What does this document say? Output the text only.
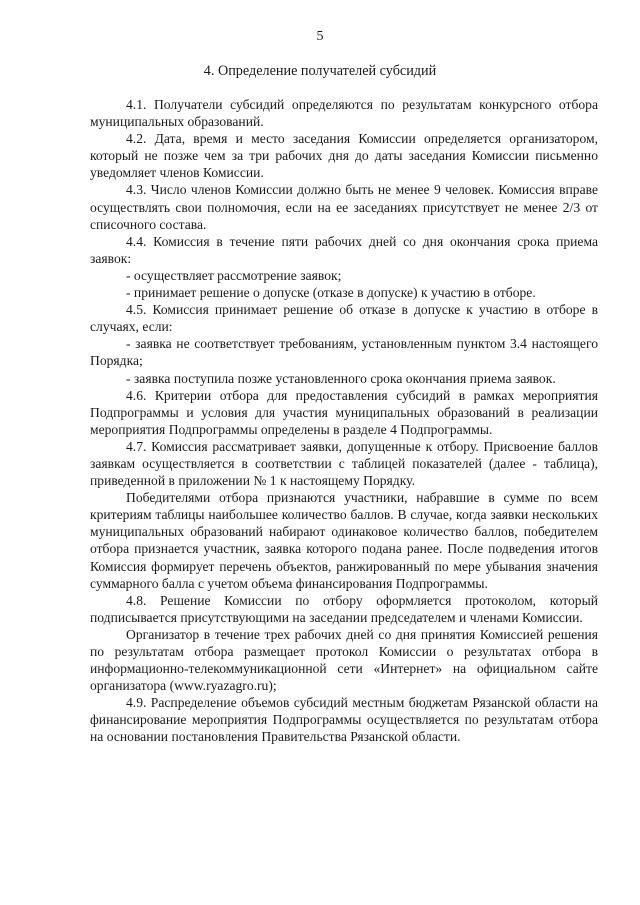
5
4. Определение получателей субсидий

4.1. Получатели субсидий определяются по результатам конкурсного отбора муниципальных образований.

4.2. Дата, время и место заседания Комиссии определяется организатором, который не позже чем за три рабочих дня до даты заседания Комиссии письменно уведомляет членов Комиссии.

4.3. Число членов Комиссии должно быть не менее 9 человек. Комиссия вправе осуществлять свои полномочия, если на ее заседаниях присутствует не менее 2/3 от списочного состава.

4.4. Комиссия в течение пяти рабочих дней со дня окончания срока приема заявок:

- осуществляет рассмотрение заявок;

- принимает решение о допуске (отказе в допуске) к участию в отборе.

4.5. Комиссия принимает решение об отказе в допуске к участию в отборе в случаях, если:

- заявка не соответствует требованиям, установленным пунктом 3.4 настоящего Порядка;

- заявка поступила позже установленного срока окончания приема заявок.

4.6. Критерии отбора для предоставления субсидий в рамках мероприятия Подпрограммы и условия для участия муниципальных образований в реализации мероприятия Подпрограммы определены в разделе 4 Подпрограммы.

4.7. Комиссия рассматривает заявки, допущенные к отбору. Присвоение баллов заявкам осуществляется в соответствии с таблицей показателей (далее - таблица), приведенной в приложении № 1 к настоящему Порядку.

Победителями отбора признаются участники, набравшие в сумме по всем критериям таблицы наибольшее количество баллов. В случае, когда заявки нескольких муниципальных образований набирают одинаковое количество баллов, победителем отбора признается участник, заявка которого подана ранее. После подведения итогов Комиссия формирует перечень объектов, ранжированный по мере убывания значения суммарного балла с учетом объема финансирования Подпрограммы.

4.8. Решение Комиссии по отбору оформляется протоколом, который подписывается присутствующими на заседании председателем и членами Комиссии.

Организатор в течение трех рабочих дней со дня принятия Комиссией решения по результатам отбора размещает протокол Комиссии о результатах отбора в информационно-телекоммуникационной сети «Интернет» на официальном сайте организатора (www.ryazagro.ru);

4.9. Распределение объемов субсидий местным бюджетам Рязанской области на финансирование мероприятия Подпрограммы осуществляется по результатам отбора на основании постановления Правительства Рязанской области.
